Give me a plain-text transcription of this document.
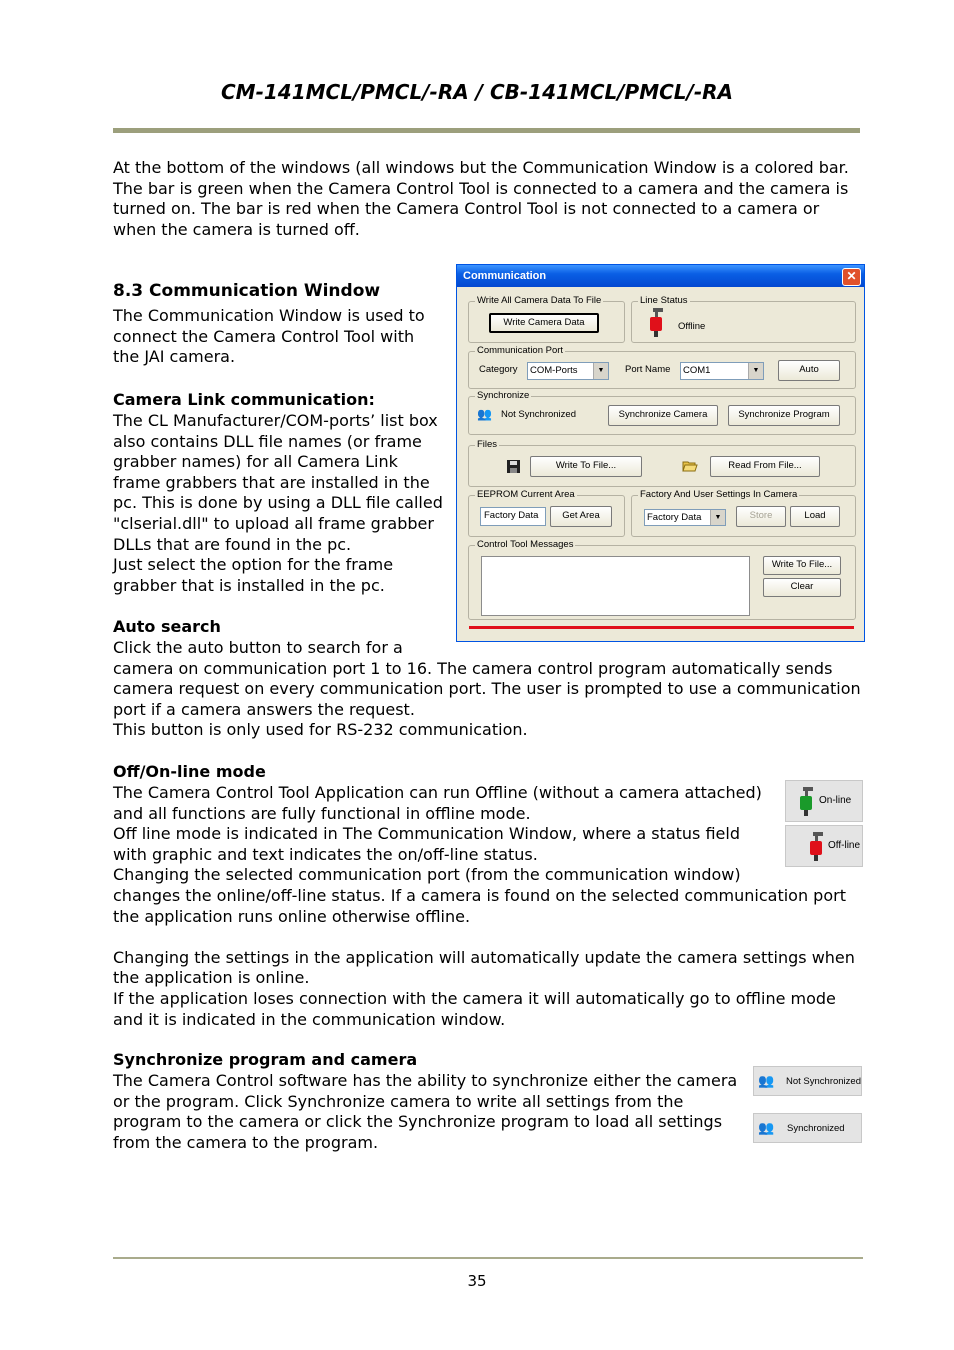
CM-141MCL/PMCL/-RA / CB-141MCL/PMCL/-RA

At the bottom of the windows (all windows but the Communication Window is a colored bar.

The bar is green when the Camera Control Tool is connected to a camera and the camera is

turned on. The bar is red when the Camera Control Tool is not connected to a camera or

when the camera is turned off.

8.3 Communication Window

The Communication Window is used to

connect the Camera Control Tool with

the JAI camera.

Camera Link communication:

The CL Manufacturer/COM-ports’ list box

also contains DLL file names (or frame

grabber names) for all Camera Link

frame grabbers that are installed in the

pc. This is done by using a DLL file called

"clserial.dll" to upload all frame grabber

DLLs that are found in the pc.

Just select the option for the frame

grabber that is installed in the pc.

Auto search

Click the auto button to search for a

camera on communication port 1 to 16. The camera control program automatically sends

camera request on every communication port. The user is prompted to use a communication

port if a camera answers the request.

This button is only used for RS-232 communication.

Off/On-line mode

The Camera Control Tool Application can run Offline (without a camera attached)

and all functions are fully functional in offline mode.

Off line mode is indicated in The Communication Window, where a status field

with graphic and text indicates the on/off-line status.

Changing the selected communication port (from the communication window)

changes the online/off-line status. If a camera is found on the selected communication port

the application runs online otherwise offline.

Changing the settings in the application will automatically update the camera settings when

the application is online.

If the application loses connection with the camera it will automatically go to offline mode

and it is indicated in the communication window.

On-line
Off-line
Synchronize program and camera

The Camera Control software has the ability to synchronize either the camera

or the program. Click Synchronize camera to write all settings from the

program to the camera or click the Synchronize program to load all settings

from the camera to the program.

👥 Not Synchronized
👥 Synchronized
Communication	✕
Write All Camera Data To File
Write Camera Data
Line Status
Offline
Communication Port
Category	COM-Ports	▼	Port Name	COM1	▼	Auto
Synchronize
👥 Not Synchronized	Synchronize Camera	Synchronize Program
Files
Write To File...	Read From File...
EEPROM Current Area
Factory Data	Get Area
Factory And User Settings In Camera
Factory Data	▼	Store	Load
Control Tool Messages
Write To File...
Clear
35
